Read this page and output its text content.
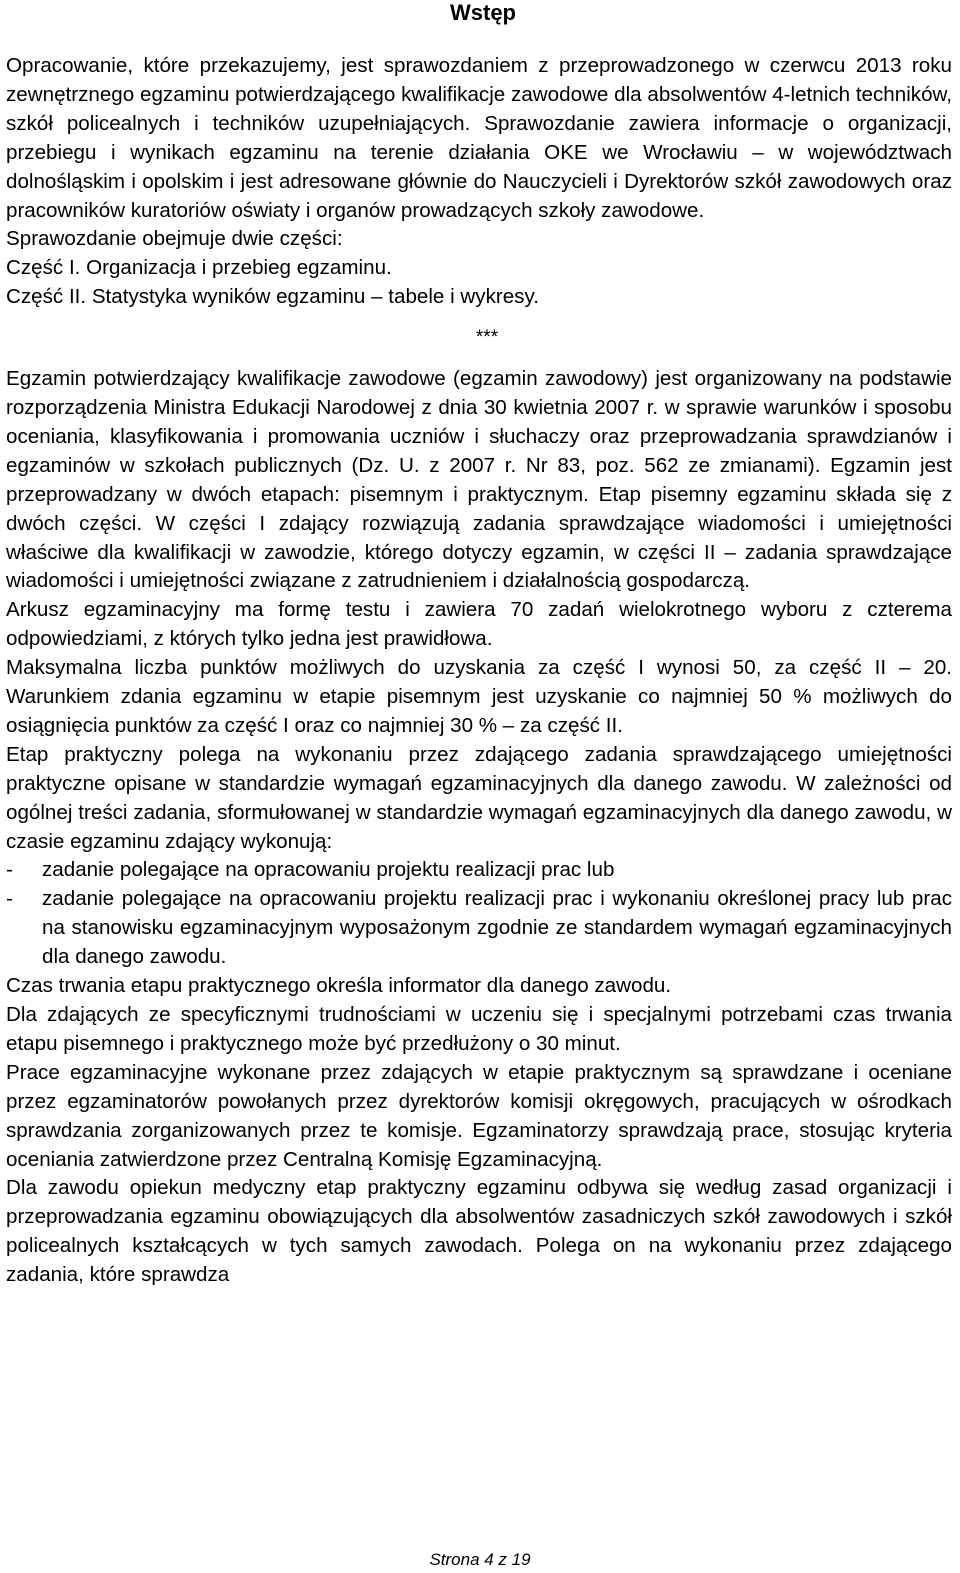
Wstęp

Opracowanie, które przekazujemy, jest sprawozdaniem z przeprowadzonego w czerwcu 2013 roku zewnętrznego egzaminu potwierdzającego kwalifikacje zawodowe dla absolwentów 4-letnich techników, szkół policealnych i techników uzupełniających. Sprawozdanie zawiera informacje o organizacji, przebiegu i wynikach egzaminu na terenie działania OKE we Wrocławiu – w województwach dolnośląskim i opolskim i jest adresowane głównie do Nauczycieli i Dyrektorów szkół zawodowych oraz pracowników kuratoriów oświaty i organów prowadzących szkoły zawodowe.

Sprawozdanie obejmuje dwie części:

Część I. Organizacja i przebieg egzaminu.

Część II. Statystyka wyników egzaminu – tabele i wykresy.

***

Egzamin potwierdzający kwalifikacje zawodowe (egzamin zawodowy) jest organizowany na podstawie rozporządzenia Ministra Edukacji Narodowej z dnia 30 kwietnia 2007 r. w sprawie warunków i sposobu oceniania, klasyfikowania i promowania uczniów i słuchaczy oraz przeprowadzania sprawdzianów i egzaminów w szkołach publicznych (Dz. U. z 2007 r. Nr 83, poz. 562 ze zmianami). Egzamin jest przeprowadzany w dwóch etapach: pisemnym i praktycznym. Etap pisemny egzaminu składa się z dwóch części. W części I zdający rozwiązują zadania sprawdzające wiadomości i umiejętności właściwe dla kwalifikacji w zawodzie, którego dotyczy egzamin, w części II – zadania sprawdzające wiadomości i umiejętności związane z zatrudnieniem i działalnością gospodarczą.

Arkusz egzaminacyjny ma formę testu i zawiera 70 zadań wielokrotnego wyboru z czterema odpowiedziami, z których tylko jedna jest prawidłowa.

Maksymalna liczba punktów możliwych do uzyskania za część I wynosi 50, za część II – 20. Warunkiem zdania egzaminu w etapie pisemnym jest uzyskanie co najmniej 50 % możliwych do osiągnięcia punktów za część I oraz co najmniej 30 % – za część II.

Etap praktyczny polega na wykonaniu przez zdającego zadania sprawdzającego umiejętności praktyczne opisane w standardzie wymagań egzaminacyjnych dla danego zawodu. W zależności od ogólnej treści zadania, sformułowanej w standardzie wymagań egzaminacyjnych dla danego zawodu, w czasie egzaminu zdający wykonują:

- zadanie polegające na opracowaniu projektu realizacji prac lub
- zadanie polegające na opracowaniu projektu realizacji prac i wykonaniu określonej pracy lub prac na stanowisku egzaminacyjnym wyposażonym zgodnie ze standardem wymagań egzaminacyjnych dla danego zawodu.

Czas trwania etapu praktycznego określa informator dla danego zawodu.

Dla zdających ze specyficznymi trudnościami w uczeniu się i specjalnymi potrzebami czas trwania etapu pisemnego i praktycznego może być przedłużony o 30 minut.

Prace egzaminacyjne wykonane przez zdających w etapie praktycznym są sprawdzane i oceniane przez egzaminatorów powołanych przez dyrektorów komisji okręgowych, pracujących w ośrodkach sprawdzania zorganizowanych przez te komisje. Egzaminatorzy sprawdzają prace, stosując kryteria oceniania zatwierdzone przez Centralną Komisję Egzaminacyjną.

Dla zawodu opiekun medyczny etap praktyczny egzaminu odbywa się według zasad organizacji i przeprowadzania egzaminu obowiązujących dla absolwentów zasadniczych szkół zawodowych i szkół policealnych kształcących w tych samych zawodach. Polega on na wykonaniu przez zdającego zadania, które sprawdza

Strona 4 z 19
